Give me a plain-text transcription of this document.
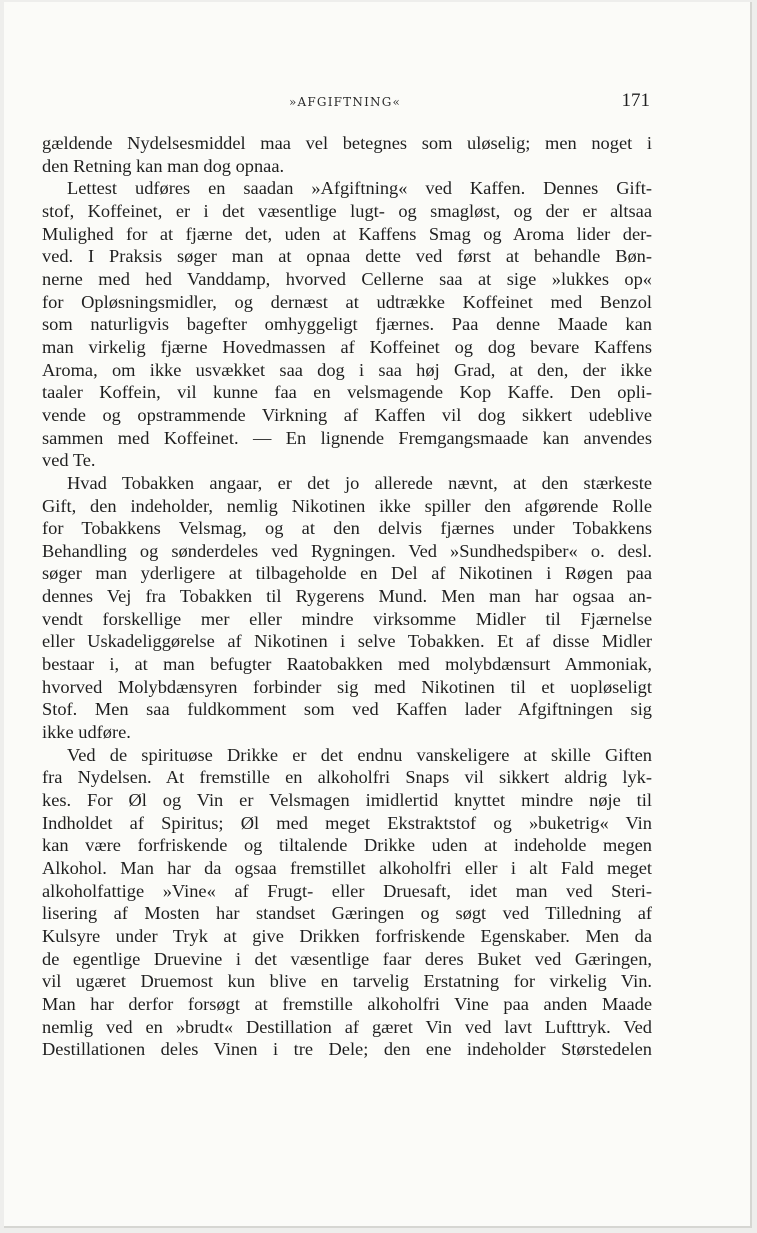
»AFGIFTNING«	171
gældende Nydelsesmiddel maa vel betegnes som uløselig; men noget i
den Retning kan man dog opnaa.
Lettest udføres en saadan »Afgiftning« ved Kaffen. Dennes Gift-
stof, Koffeinet, er i det væsentlige lugt- og smagløst, og der er altsaa
Mulighed for at fjærne det, uden at Kaffens Smag og Aroma lider der-
ved. I Praksis søger man at opnaa dette ved først at behandle Bøn-
nerne med hed Vanddamp, hvorved Cellerne saa at sige »lukkes op«
for Opløsningsmidler, og dernæst at udtrække Koffeinet med Benzol
som naturligvis bagefter omhyggeligt fjærnes. Paa denne Maade kan
man virkelig fjærne Hovedmassen af Koffeinet og dog bevare Kaffens
Aroma, om ikke usvækket saa dog i saa høj Grad, at den, der ikke
taaler Koffein, vil kunne faa en velsmagende Kop Kaffe. Den opli-
vende og opstrammende Virkning af Kaffen vil dog sikkert udeblive
sammen med Koffeinet. — En lignende Fremgangsmaade kan anvendes
ved Te.
Hvad Tobakken angaar, er det jo allerede nævnt, at den stærkeste
Gift, den indeholder, nemlig Nikotinen ikke spiller den afgørende Rolle
for Tobakkens Velsmag, og at den delvis fjærnes under Tobakkens
Behandling og sønderdeles ved Rygningen. Ved »Sundhedspiber« o. desl.
søger man yderligere at tilbageholde en Del af Nikotinen i Røgen paa
dennes Vej fra Tobakken til Rygerens Mund. Men man har ogsaa an-
vendt forskellige mer eller mindre virksomme Midler til Fjærnelse
eller Uskadeliggørelse af Nikotinen i selve Tobakken. Et af disse Midler
bestaar i, at man befugter Raatobakken med molybdænsurt Ammoniak,
hvorved Molybdænsyren forbinder sig med Nikotinen til et uopløseligt
Stof. Men saa fuldkomment som ved Kaffen lader Afgiftningen sig
ikke udføre.
Ved de spirituøse Drikke er det endnu vanskeligere at skille Giften
fra Nydelsen. At fremstille en alkoholfri Snaps vil sikkert aldrig lyk-
kes. For Øl og Vin er Velsmagen imidlertid knyttet mindre nøje til
Indholdet af Spiritus; Øl med meget Ekstraktstof og »buketrig« Vin
kan være forfriskende og tiltalende Drikke uden at indeholde megen
Alkohol. Man har da ogsaa fremstillet alkoholfri eller i alt Fald meget
alkoholfattige »Vine« af Frugt- eller Druesaft, idet man ved Steri-
lisering af Mosten har standset Gæringen og søgt ved Tilledning af
Kulsyre under Tryk at give Drikken forfriskende Egenskaber. Men da
de egentlige Druevine i det væsentlige faar deres Buket ved Gæringen,
vil ugæret Druemost kun blive en tarvelig Erstatning for virkelig Vin.
Man har derfor forsøgt at fremstille alkoholfri Vine paa anden Maade
nemlig ved en »brudt« Destillation af gæret Vin ved lavt Lufttryk. Ved
Destillationen deles Vinen i tre Dele; den ene indeholder Størstedelen
